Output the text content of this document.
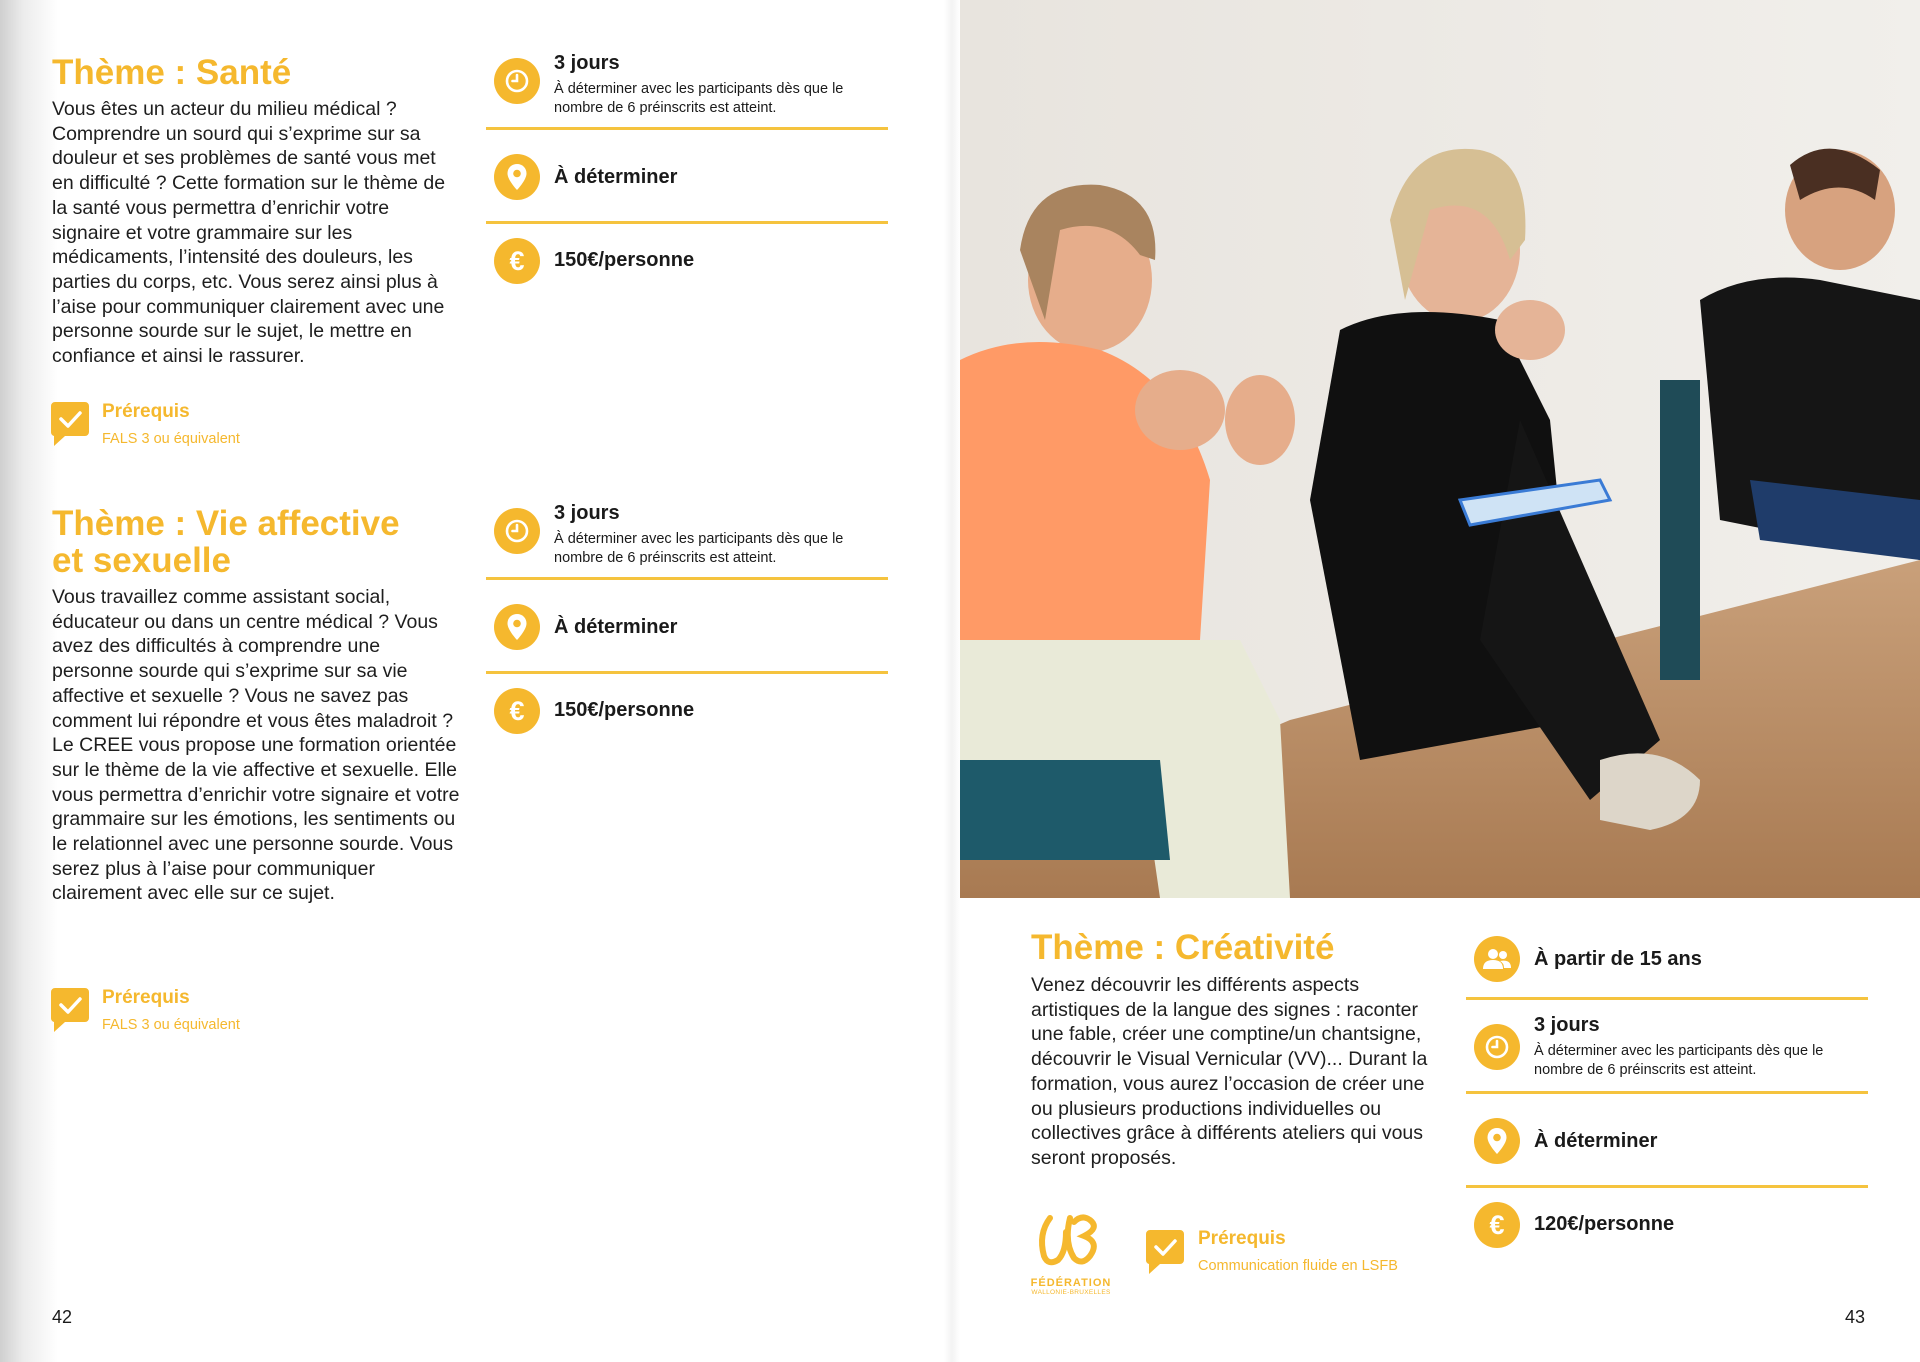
Thème : Santé

Vous êtes un acteur du milieu médical ? Comprendre un sourd qui s’exprime sur sa douleur et ses problèmes de santé vous met en difficulté ? Cette formation sur le thème de la santé vous permettra d’enrichir votre signaire et votre grammaire sur les médicaments, l’intensité des douleurs, les parties du corps, etc. Vous serez ainsi plus à l’aise pour communiquer clairement avec une personne sourde sur le sujet, le mettre en confiance et ainsi le rassurer.

Prérequis
FALS 3 ou équivalent
3 jours
À déterminer avec les participants dès que le nombre de 6 préinscrits est atteint.
À déterminer
€ 150€/personne
Thème : Vie affective
et sexuelle

Vous travaillez comme assistant social, éducateur ou dans un centre médical ? Vous avez des difficultés à comprendre une personne sourde qui s’exprime sur sa vie affective et sexuelle ? Vous ne savez pas comment lui répondre et vous êtes maladroit ? Le CREE vous propose une formation orientée sur le thème de la vie affective et sexuelle. Elle vous permettra d’enrichir votre signaire et votre grammaire sur les émotions, les sentiments ou le relationnel avec une personne sourde. Vous serez plus à l’aise pour communiquer clairement avec elle sur ce sujet.

Prérequis
FALS 3 ou équivalent
3 jours
À déterminer avec les participants dès que le nombre de 6 préinscrits est atteint.
À déterminer
€ 150€/personne
42
Thème : Créativité

Venez découvrir les différents aspects artistiques de la langue des signes : raconter une fable, créer une comptine/un chantsigne, découvrir le Visual Vernicular (VV)... Durant la formation, vous aurez l’occasion de créer une ou plusieurs productions individuelles ou collectives grâce à différents ateliers qui vous seront proposés.

FÉDÉRATION
WALLONIE-BRUXELLES
Prérequis
Communication fluide en LSFB
À partir de 15 ans
3 jours
À déterminer avec les participants dès que le nombre de 6 préinscrits est atteint.
À déterminer
€ 120€/personne
43
